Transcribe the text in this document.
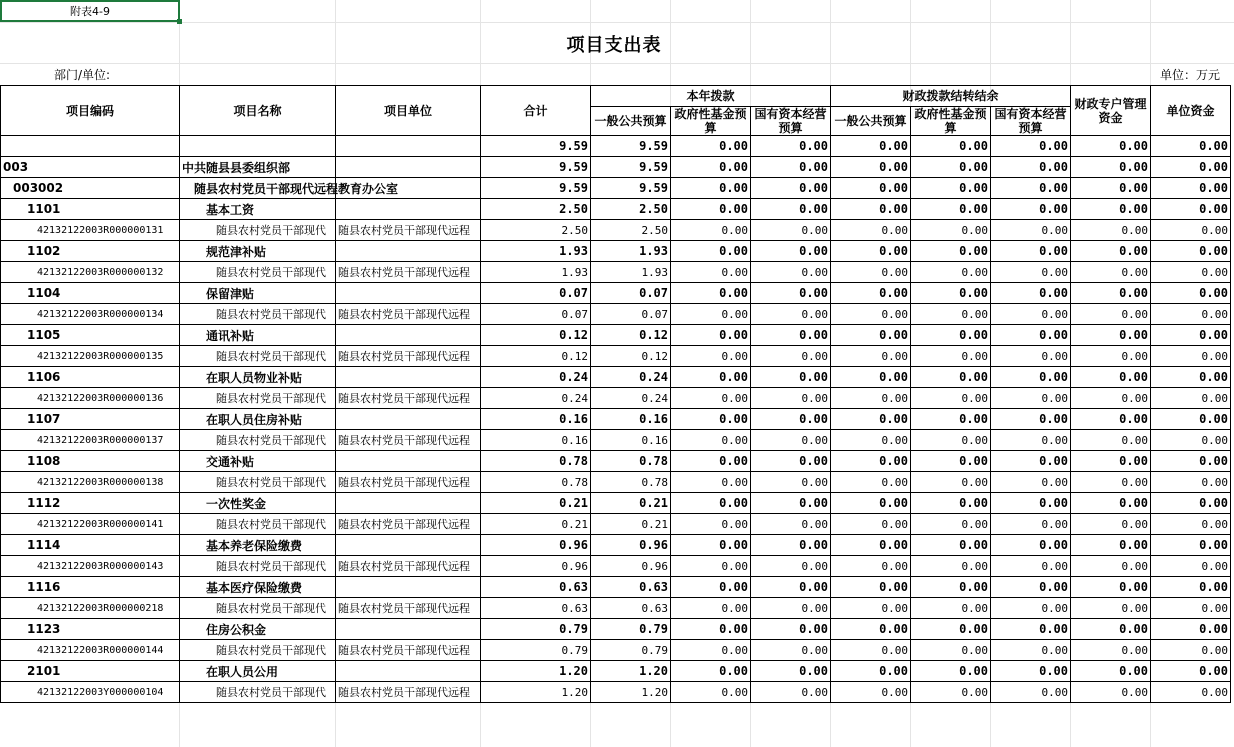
附表4-9
项目支出表
部门/单位:	单位：万元
项目编码	项目名称	项目单位	合计	本年拨款			财政拨款结转结余			财政专户管理资金	单位资金
				一般公共预算	政府性基金预算	国有资本经营预算	一般公共预算	政府性基金预算	国有资本经营预算		
			9.59	9.59	0.00	0.00	0.00	0.00	0.00	0.00	0.00
003	中共随县县委组织部		9.59	9.59	0.00	0.00	0.00	0.00	0.00	0.00	0.00
003002	随县农村党员干部现代远程教育办公室		9.59	9.59	0.00	0.00	0.00	0.00	0.00	0.00	0.00
1101	基本工资		2.50	2.50	0.00	0.00	0.00	0.00	0.00	0.00	0.00
42132122003R000000131	随县农村党员干部现代	随县农村党员干部现代远程	2.50	2.50	0.00	0.00	0.00	0.00	0.00	0.00	0.00
1102	规范津补贴		1.93	1.93	0.00	0.00	0.00	0.00	0.00	0.00	0.00
42132122003R000000132	随县农村党员干部现代	随县农村党员干部现代远程	1.93	1.93	0.00	0.00	0.00	0.00	0.00	0.00	0.00
1104	保留津贴		0.07	0.07	0.00	0.00	0.00	0.00	0.00	0.00	0.00
42132122003R000000134	随县农村党员干部现代	随县农村党员干部现代远程	0.07	0.07	0.00	0.00	0.00	0.00	0.00	0.00	0.00
1105	通讯补贴		0.12	0.12	0.00	0.00	0.00	0.00	0.00	0.00	0.00
42132122003R000000135	随县农村党员干部现代	随县农村党员干部现代远程	0.12	0.12	0.00	0.00	0.00	0.00	0.00	0.00	0.00
1106	在职人员物业补贴		0.24	0.24	0.00	0.00	0.00	0.00	0.00	0.00	0.00
42132122003R000000136	随县农村党员干部现代	随县农村党员干部现代远程	0.24	0.24	0.00	0.00	0.00	0.00	0.00	0.00	0.00
1107	在职人员住房补贴		0.16	0.16	0.00	0.00	0.00	0.00	0.00	0.00	0.00
42132122003R000000137	随县农村党员干部现代	随县农村党员干部现代远程	0.16	0.16	0.00	0.00	0.00	0.00	0.00	0.00	0.00
1108	交通补贴		0.78	0.78	0.00	0.00	0.00	0.00	0.00	0.00	0.00
42132122003R000000138	随县农村党员干部现代	随县农村党员干部现代远程	0.78	0.78	0.00	0.00	0.00	0.00	0.00	0.00	0.00
1112	一次性奖金		0.21	0.21	0.00	0.00	0.00	0.00	0.00	0.00	0.00
42132122003R000000141	随县农村党员干部现代	随县农村党员干部现代远程	0.21	0.21	0.00	0.00	0.00	0.00	0.00	0.00	0.00
1114	基本养老保险缴费		0.96	0.96	0.00	0.00	0.00	0.00	0.00	0.00	0.00
42132122003R000000143	随县农村党员干部现代	随县农村党员干部现代远程	0.96	0.96	0.00	0.00	0.00	0.00	0.00	0.00	0.00
1116	基本医疗保险缴费		0.63	0.63	0.00	0.00	0.00	0.00	0.00	0.00	0.00
42132122003R000000218	随县农村党员干部现代	随县农村党员干部现代远程	0.63	0.63	0.00	0.00	0.00	0.00	0.00	0.00	0.00
1123	住房公积金		0.79	0.79	0.00	0.00	0.00	0.00	0.00	0.00	0.00
42132122003R000000144	随县农村党员干部现代	随县农村党员干部现代远程	0.79	0.79	0.00	0.00	0.00	0.00	0.00	0.00	0.00
2101	在职人员公用		1.20	1.20	0.00	0.00	0.00	0.00	0.00	0.00	0.00
42132122003Y000000104	随县农村党员干部现代	随县农村党员干部现代远程	1.20	1.20	0.00	0.00	0.00	0.00	0.00	0.00	0.00
